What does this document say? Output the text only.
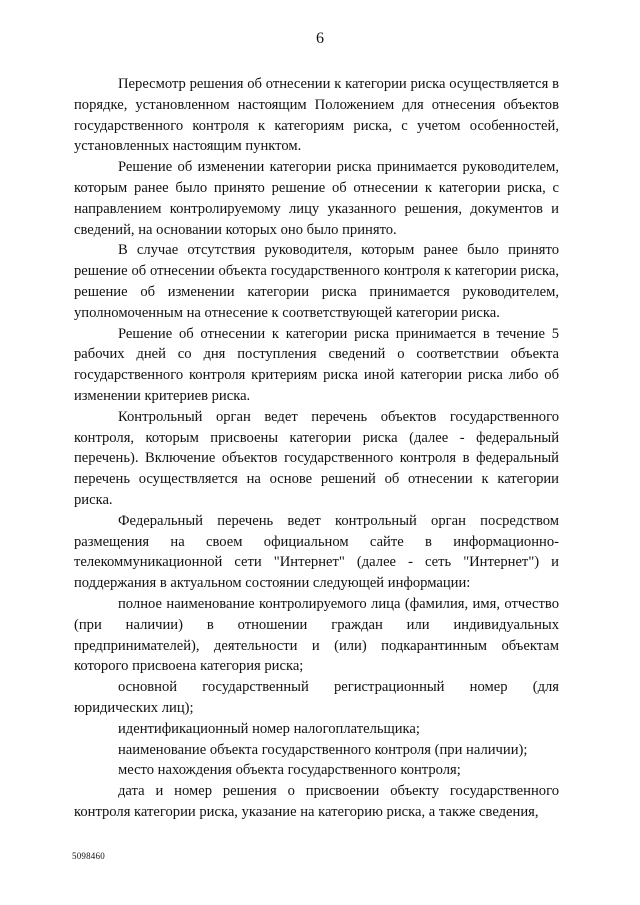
6

Пересмотр решения об отнесении к категории риска осуществляется в порядке, установленном настоящим Положением для отнесения объектов государственного контроля к категориям риска, с учетом особенностей, установленных настоящим пунктом.

Решение об изменении категории риска принимается руководителем, которым ранее было принято решение об отнесении к категории риска, с направлением контролируемому лицу указанного решения, документов и сведений, на основании которых оно было принято.

В случае отсутствия руководителя, которым ранее было принято решение об отнесении объекта государственного контроля к категории риска, решение об изменении категории риска принимается руководителем, уполномоченным на отнесение к соответствующей категории риска.

Решение об отнесении к категории риска принимается в течение 5 рабочих дней со дня поступления сведений о соответствии объекта государственного контроля критериям риска иной категории риска либо об изменении критериев риска.

Контрольный орган ведет перечень объектов государственного контроля, которым присвоены категории риска (далее - федеральный перечень). Включение объектов государственного контроля в федеральный перечень осуществляется на основе решений об отнесении к категории риска.

Федеральный перечень ведет контрольный орган посредством размещения на своем официальном сайте в информационно-телекоммуникационной сети "Интернет" (далее - сеть "Интернет") и поддержания в актуальном состоянии следующей информации:

полное наименование контролируемого лица (фамилия, имя, отчество (при наличии) в отношении граждан или индивидуальных предпринимателей), деятельности и (или) подкарантинным объектам которого присвоена категория риска;

основной государственный регистрационный номер (для юридических лиц);

идентификационный номер налогоплательщика;

наименование объекта государственного контроля (при наличии);

место нахождения объекта государственного контроля;

дата и номер решения о присвоении объекту государственного контроля категории риска, указание на категорию риска, а также сведения,

5098460
